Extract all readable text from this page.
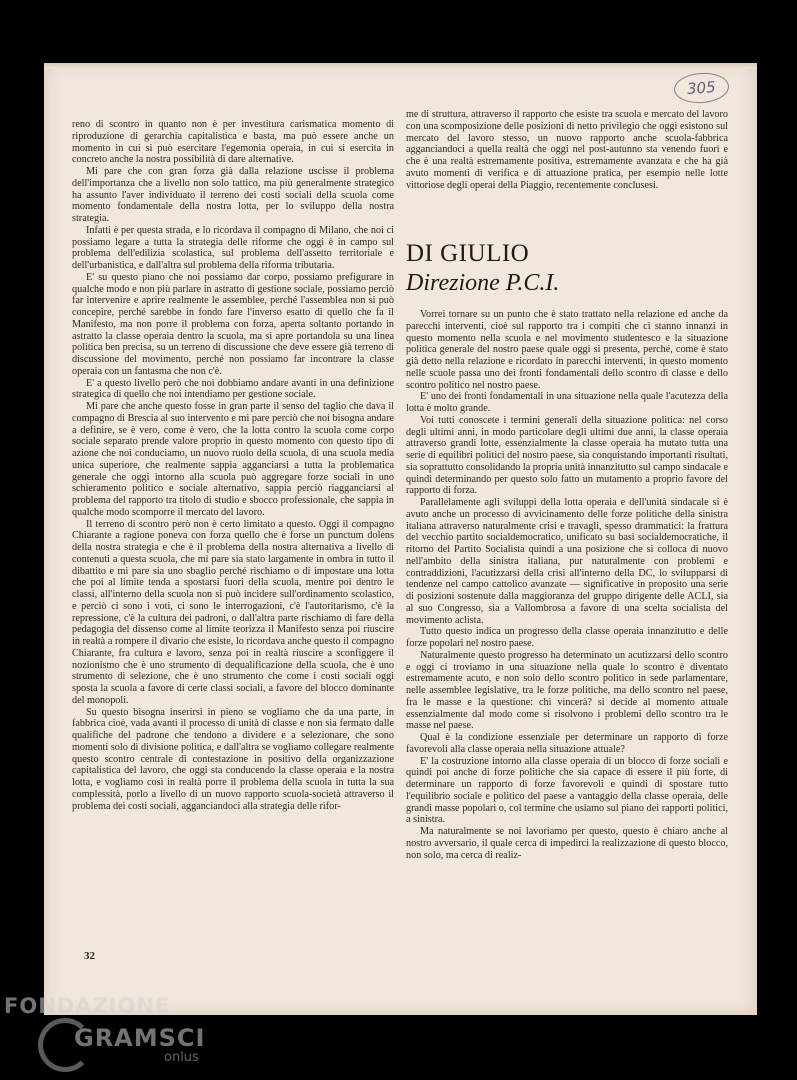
305

reno di scontro in quanto non è per investitura carismatica momento di riproduzione di gerarchia capitalistica e basta, ma può essere anche un momento in cui si può esercitare l'egemonia operaia, in cui si esercita in concreto anche la nostra possibilità di dare alternative.

Mi pare che con gran forza già dalla relazione uscisse il problema dell'importanza che a livello non solo tattico, ma più generalmente strategico ha assunto l'aver individuato il terreno dei costi sociali della scuola come momento fondamentale della nostra lotta, per lo sviluppo della nostra strategia.

Infatti è per questa strada, e lo ricordava il compagno di Milano, che noi ci possiamo legare a tutta la strategia delle riforme che oggi è in campo sul problema dell'edilizia scolastica, sul problema dell'assetto territoriale e dell'urbanistica, e dall'altra sul problema della riforma tributaria.

E' su questo piano che noi possiamo dar corpo, possiamo prefigurare in qualche modo e non più parlare in astratto di gestione sociale, possiamo perciò far intervenire e aprire realmente le assemblee, perché l'assemblea non si può concepire, perché sarebbe in fondo fare l'inverso esatto di quello che fa il Manifesto, ma non porre il problema con forza, aperta soltanto portando in astratto la classe operaia dentro la scuola, ma si apre portandola su una linea politica ben precisa, su un terreno di discussione che deve essere già terreno di discussione del movimento, perché non possiamo far incontrare la classe operaia con un fantasma che non c'è.

E' a questo livello però che noi dobbiamo andare avanti in una definizione strategica di quello che noi intendiamo per gestione sociale.

Mi pare che anche questo fosse in gran parte il senso del taglio che dava il compagno di Brescia al suo intervento e mi pare perciò che noi bisogna andare a definire, se è vero, come è vero, che la lotta contro la scuola come corpo sociale separato prende valore proprio in questo momento con questo tipo di azione che noi conduciamo, un nuovo ruolo della scuola, di una scuola media unica superiore, che realmente sappia agganciarsi a tutta la problematica generale che oggi intorno alla scuola può aggregare forze sociali in uno schieramento politico e sociale alternativo, sappia perciò riagganciarsi al problema del rapporto tra titolo di studio e sbocco professionale, che sappia in qualche modo scomporre il mercato del lavoro.

Il terreno di scontro però non è certo limitato a questo. Oggi il compagno Chiarante a ragione poneva con forza quello che è forse un punctum dolens della nostra strategia e che è il problema della nostra alternativa a livello di contenuti a questa scuola, che mi pare sia stato largamente in ombra in tutto il dibattito e mi pare sia uno sbaglio perché rischiamo o di impostare una lotta che poi al limite tenda a spostarsi fuori della scuola, mentre poi dentro le classi, all'interno della scuola non si può incidere sull'ordinamento scolastico, e perciò ci sono i voti, ci sono le interrogazioni, c'è l'autoritarismo, c'è la repressione, c'è la cultura dei padroni, o dall'altra parte rischiamo di fare della pedagogia del dissenso come al limite teorizza il Manifesto senza poi riuscire in realtà a rompere il divario che esiste, lo ricordava anche questo il compagno Chiarante, fra cultura e lavoro, senza poi in realtà riuscire a sconfiggere il nozionismo che è uno strumento di dequalificazione della scuola, che è uno strumento di selezione, che è uno strumento che come i costi sociali oggi sposta la scuola a favore di certe classi sociali, a favore del blocco dominante del monopoli.

Su questo bisogna inserirsi in pieno se vogliamo che da una parte, in fabbrica cioè, vada avanti il processo di unità di classe e non sia fermato dalle qualifiche del padrone che tendono a dividere e a selezionare, che sono momenti solo di divisione politica, e dall'altra se vogliamo collegare realmente questo scontro centrale di contestazione in positivo della organizzazione capitalistica del lavoro, che oggi sta conducendo la classe operaia e la nostra lotta, e vogliamo così in realtà porre il problema della scuola in tutta la sua complessità, porlo a livello di un nuovo rapporto scuola-società attraverso il problema dei costi sociali, agganciandoci alla strategia delle rifor-

me di struttura, attraverso il rapporto che esiste tra scuola e mercato del lavoro con una scomposizione delle posizioni di netto privilegio che oggi esistono sul mercato del lavoro stesso, un nuovo rapporto anche scuola-fabbrica agganciandoci a quella realtà che oggi nel post-autunno sta venendo fuori e che è una realtà estremamente positiva, estremamente avanzata e che ha già avuto momenti di verifica e di attuazione pratica, per esempio nelle lotte vittoriose degli operai della Piaggio, recentemente conclusesi.

DI GIULIO
Direzione P.C.I.

Vorrei tornare su un punto che è stato trattato nella relazione ed anche da parecchi interventi, cioè sul rapporto tra i compiti che ci stanno innanzi in questo momento nella scuola e nel movimento studentesco e la situazione politica generale del nostro paese quale oggi si presenta, perché, come è stato già detto nella relazione e ricordato in parecchi interventi, in questo momento nelle scuole passa uno dei fronti fondamentali dello scontro di classe e dello scontro politico nel nostro paese.

E' uno dei fronti fondamentali in una situazione nella quale l'acutezza della lotta è molto grande.

Voi tutti conoscete i termini generali della situazione politica: nel corso degli ultimi anni, in modo particolare degli ultimi due anni, la classe operaia attraverso grandi lotte, essenzialmente la classe operaia ha mutato tutta una serie di equilibri politici del nostro paese, sia conquistando importanti risultati, sia soprattutto consolidando la propria unità innanzitutto sul campo sindacale e quindi determinando per questo solo fatto un mutamento a proprio favore del rapporto di forza.

Parallelamente agli sviluppi della lotta operaia e dell'unità sindacale si è avuto anche un processo di avvicinamento delle forze politiche della sinistra italiana attraverso naturalmente crisi e travagli, spesso drammatici: la frattura del vecchio partito socialdemocratico, unificato su basi socialdemocratiche, il ritorno del Partito Socialista quindi a una posizione che si colloca di nuovo nell'ambito della sinistra italiana, pur naturalmente con problemi e contraddizioni, l'acutizzarsi della crisi all'interno della DC, lo svilupparsi di tendenze nel campo cattolico avanzate — significative in proposito una serie di posizioni sostenute dalla maggioranza del gruppo dirigente delle ACLI, sia al suo Congresso, sia a Vallombrosa a favore di una scelta socialista del movimento aclista.

Tutto questo indica un progresso della classe operaia innanzitutto e delle forze popolari nel nostro paese.

Naturalmente questo progresso ha determinato un acutizzarsi dello scontro e oggi ci troviamo in una situazione nella quale lo scontro è diventato estremamente acuto, e non solo dello scontro politico in sede parlamentare, nelle assemblee legislative, tra le forze politiche, ma dello scontro nel paese, fra le masse e la questione: chi vincerà? si decide al momento attuale essenzialmente dal modo come si risolvono i problemi dello scontro tra le masse nel paese.

Qual è la condizione essenziale per determinare un rapporto di forze favorevoli alla classe operaia nella situazione attuale?

E' la costruzione intorno alla classe operaia di un blocco di forze sociali e quindi poi anche di forze politiche che sia capace di essere il più forte, di determinare un rapporto di forze favorevoli e quindi di spostare tutto l'equilibrio sociale e politico del paese a vantaggio della classe operaia, delle grandi masse popolari o, col termine che usiamo sul piano dei rapporti politici, a sinistra.

Ma naturalmente se noi lavoriamo per questo, questo è chiaro anche al nostro avversario, il quale cerca di impedirci la realizzazione di questo blocco, non solo, ma cerca di realiz-

32
FONDAZIONE
GRAMSCI
onlus
